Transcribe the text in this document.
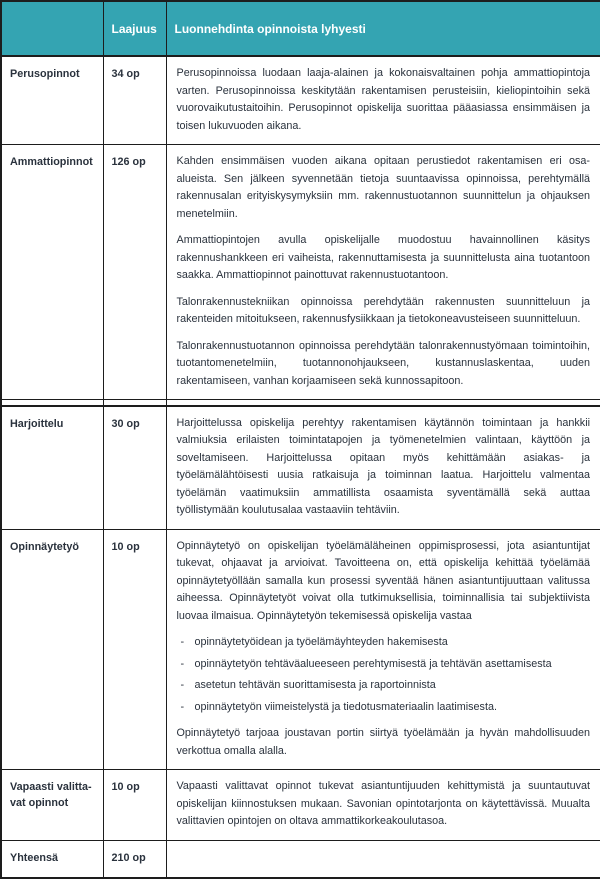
	Laajuus	Luonnehdinta opinnoista lyhyesti
Perusopinnot	34 op	Perusopinnoissa luodaan laaja-alainen ja kokonaisvaltainen pohja ammattiopintoja varten. Perusopinnoissa keskitytään rakentamisen perusteisiin, kieliopintoihin sekä vuorovaikutustaitoihin. Perusopinnot opiskelija suorittaa pääasiassa ensimmäisen ja toisen lukuvuoden aikana.

Ammattiopinnot	126 op	Kahden ensimmäisen vuoden aikana opitaan perustiedot rakentamisen eri osa-alueista. Sen jälkeen syvennetään tietoja suuntaavissa opinnoissa, perehtymällä rakennusalan erityiskysymyksiin mm. rakennustuotannon suunnittelun ja ohjauksen menetelmiin.

Ammattiopintojen avulla opiskelijalle muodostuu havainnollinen käsitys rakennushankkeen eri vaiheista, rakennuttamisesta ja suunnittelusta aina tuotantoon saakka. Ammattiopinnot painottuvat rakennustuotantoon.

Talonrakennustekniikan opinnoissa perehdytään rakennusten suunnitteluun ja rakenteiden mitoitukseen, rakennusfysiikkaan ja tietokoneavusteiseen suunnitteluun.

Talonrakennustuotannon opinnoissa perehdytään talonrakennustyömaan toimintoihin, tuotantomenetelmiin, tuotannonohjaukseen, kustannuslaskentaa, uuden rakentamiseen, vanhan korjaamiseen sekä kunnossapitoon.

Harjoittelu	30 op	Harjoittelussa opiskelija perehtyy rakentamisen käytännön toimintaan ja hankkii valmiuksia erilaisten toimintatapojen ja työmenetelmien valintaan, käyttöön ja soveltamiseen. Harjoittelussa opitaan myös kehittämään asiakas- ja työelämälähtöisesti uusia ratkaisuja ja toiminnan laatua. Harjoittelu valmentaa työelämän vaatimuksiin ammatillista osaamista syventämällä sekä auttaa työllistymään koulutusalaa vastaaviin tehtäviin.

Opinnäytetyö	10 op	Opinnäytetyö on opiskelijan työelämäläheinen oppimisprosessi, jota asiantuntijat tukevat, ohjaavat ja arvioivat. Tavoitteena on, että opiskelija kehittää työelämää opinnäytetyöllään samalla kun prosessi syventää hänen asiantuntijuuttaan valitussa aiheessa. Opinnäytetyöt voivat olla tutkimuksellisia, toiminnallisia tai subjektiivista luovaa ilmaisua. Opinnäytetyön tekemisessä opiskelija vastaa

- opinnäytetyöidean ja työelämäyhteyden hakemisesta
- opinnäytetyön tehtäväalueeseen perehtymisestä ja tehtävän asettamisesta
- asetetun tehtävän suorittamisesta ja raportoinnista
- opinnäytetyön viimeistelystä ja tiedotusmateriaalin laatimisesta.

Opinnäytetyö tarjoaa joustavan portin siirtyä työelämään ja hyvän mahdollisuuden verkottua omalla alalla.

Vapaasti valitta-vat opinnot	10 op	Vapaasti valittavat opinnot tukevat asiantuntijuuden kehittymistä ja suuntautuvat opiskelijan kiinnostuksen mukaan. Savonian opintotarjonta on käytettävissä. Muualta valittavien opintojen on oltava ammattikorkeakoulutasoa.

Yhteensä	210 op	
